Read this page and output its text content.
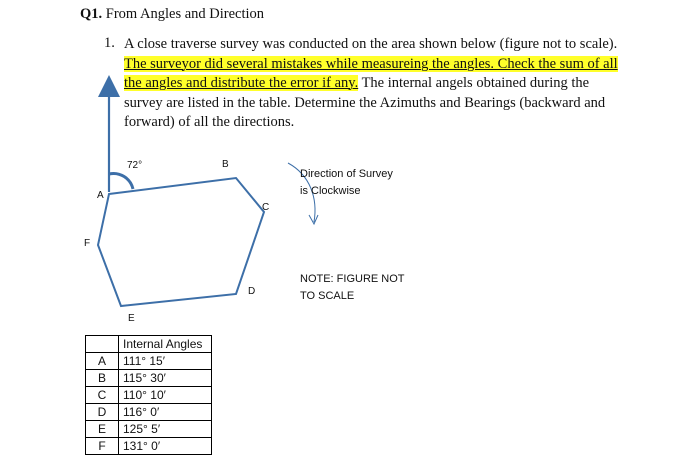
Q1. From Angles and Direction
1. A close traverse survey was conducted on the area shown below (figure not to scale). The surveyor did several mistakes while measureing the angles. Check the sum of all the angles and distribute the error if any. The internal angels obtained during the survey are listed in the table. Determine the Azimuths and Bearings (backward and forward) of all the directions.
72°
A
B
C
D
E
F
Direction of Survey
is Clockwise
NOTE: FIGURE NOT
TO SCALE
	Internal Angles
A	111° 15′
B	115° 30′
C	110° 10′
D	116° 0′
E	125° 5′
F	131° 0′
